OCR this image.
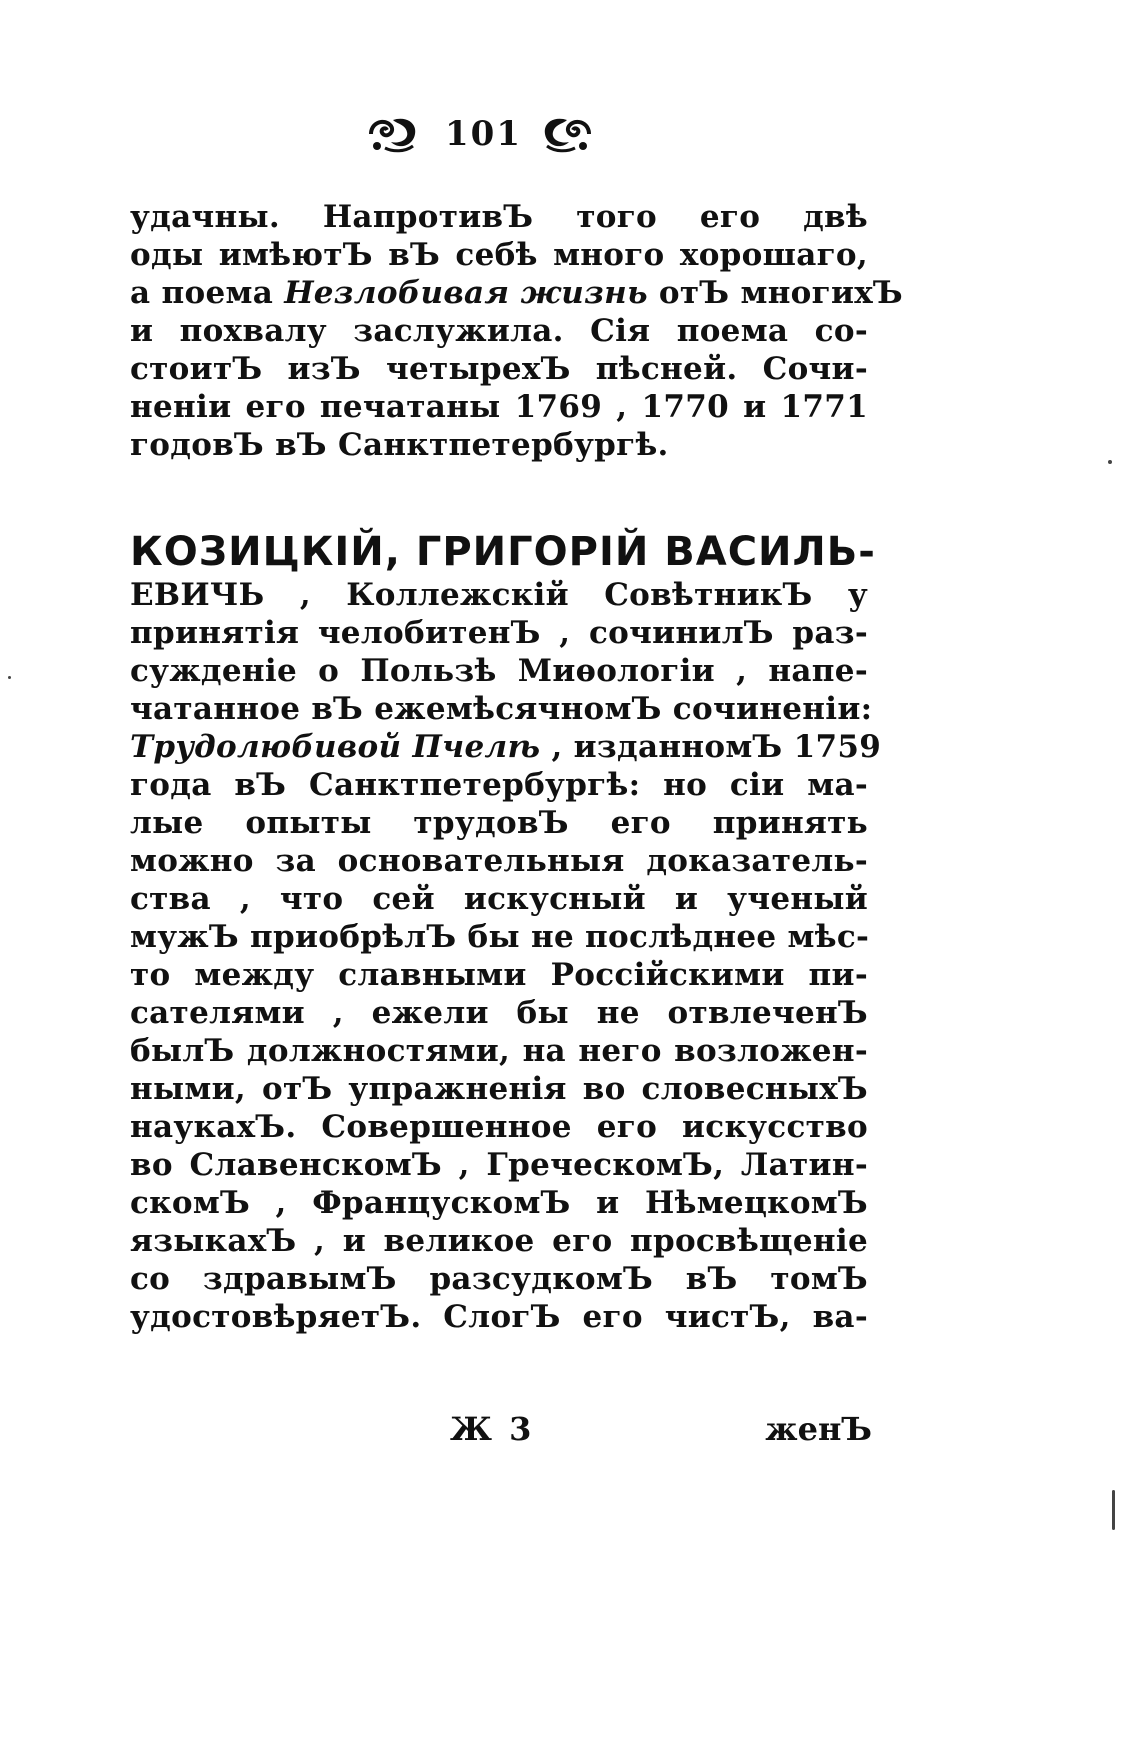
101
удачны. НапротивЪ того его двѣ
оды имѣютЪ вЪ себѣ много хорошаго,
а поема Незлобивая жизнь отЪ многихЪ
и похвалу заслужила. Сія поема со-
стоитЪ изЪ четырехЪ пѣсней. Сочи-
неніи его печатаны 1769 , 1770 и 1771
годовЪ вЪ Санктпетербургѣ.
КОЗИЦКІЙ, ГРИГОРІЙ ВАСИЛЬ-
ЕВИЧЬ , Коллежскій СовѣтникЪ у
принятія челобитенЪ , сочинилЪ раз-
сужденіе о Пользѣ Миѳологіи , напе-
чатанное вЪ ежемѣсячномЪ сочиненіи:
Трудолюбивой Пчелѣ , изданномЪ 1759
года вЪ Санктпетербургѣ: но сіи ма-
лые опыты трудовЪ его принять
можно за основательныя доказатель-
ства , что сей искусный и ученый
мужЪ приобрѣлЪ бы не послѣднее мѣс-
то между славными Россійскими пи-
сателями , ежели бы не отвлеченЪ
былЪ должностями, на него возложен-
ными, отЪ упражненія во словесныхЪ
наукахЪ. Совершенное его искусство
во СлавенскомЪ , ГреческомЪ, Латин-
скомЪ , ФранцускомЪ и НѣмецкомЪ
языкахЪ , и великое его просвѣщеніе
со здравымЪ разсудкомЪ вЪ томЪ
удостовѣряетЪ. СлогЪ его чистЪ, ва-
Ж 3	женЪ
